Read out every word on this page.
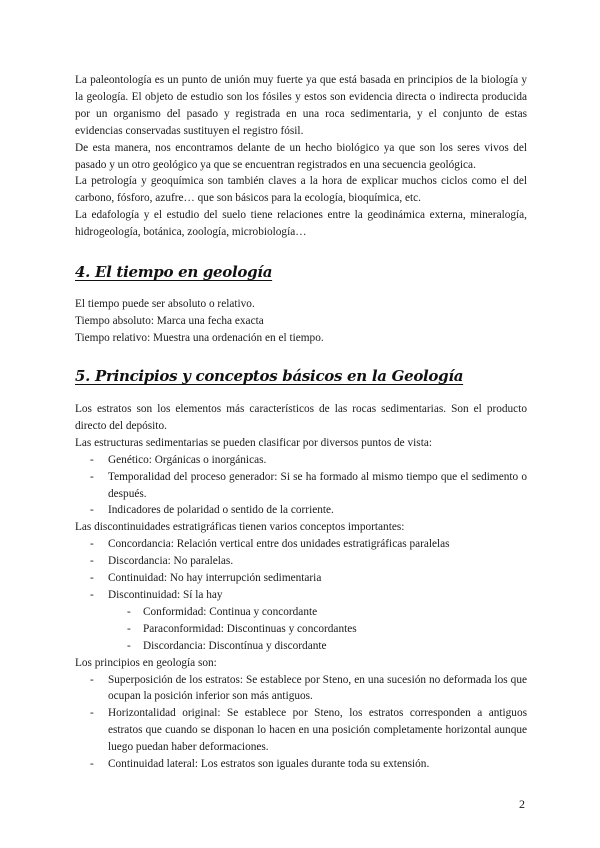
La paleontología es un punto de unión muy fuerte ya que está basada en principios de la biología y la geología. El objeto de estudio son los fósiles y estos son evidencia directa o indirecta producida por un organismo del pasado y registrada en una roca sedimentaria, y el conjunto de estas evidencias conservadas sustituyen el registro fósil.

De esta manera, nos encontramos delante de un hecho biológico ya que son los seres vivos del pasado y un otro geológico ya que se encuentran registrados en una secuencia geológica.

La petrología y geoquímica son también claves a la hora de explicar muchos ciclos como el del carbono, fósforo, azufre… que son básicos para la ecología, bioquímica, etc.

La edafología y el estudio del suelo tiene relaciones entre la geodinámica externa, mineralogía, hidrogeología, botánica, zoología, microbiología…

4. El tiempo en geología

El tiempo puede ser absoluto o relativo.

Tiempo absoluto: Marca una fecha exacta

Tiempo relativo: Muestra una ordenación en el tiempo.

5. Principios y conceptos básicos en la Geología

Los estratos son los elementos más característicos de las rocas sedimentarias. Son el producto directo del depósito.

Las estructuras sedimentarias se pueden clasificar por diversos puntos de vista:

- Genético: Orgánicas o inorgánicas.
- Temporalidad del proceso generador: Si se ha formado al mismo tiempo que el sedimento o después.
- Indicadores de polaridad o sentido de la corriente.

Las discontinuidades estratigráficas tienen varios conceptos importantes:

- Concordancia: Relación vertical entre dos unidades estratigráficas paralelas
- Discordancia: No paralelas.
- Continuidad: No hay interrupción sedimentaria
- Discontinuidad: Sí la hay
- Conformidad: Continua y concordante
- Paraconformidad: Discontinuas y concordantes
- Discordancia: Discontínua y discordante

Los principios en geología son:

- Superposición de los estratos: Se establece por Steno, en una sucesión no deformada los que ocupan la posición inferior son más antiguos.
- Horizontalidad original: Se establece por Steno, los estratos corresponden a antiguos estratos que cuando se disponan lo hacen en una posición completamente horizontal aunque luego puedan haber deformaciones.
- Continuidad lateral: Los estratos son iguales durante toda su extensión.
2
